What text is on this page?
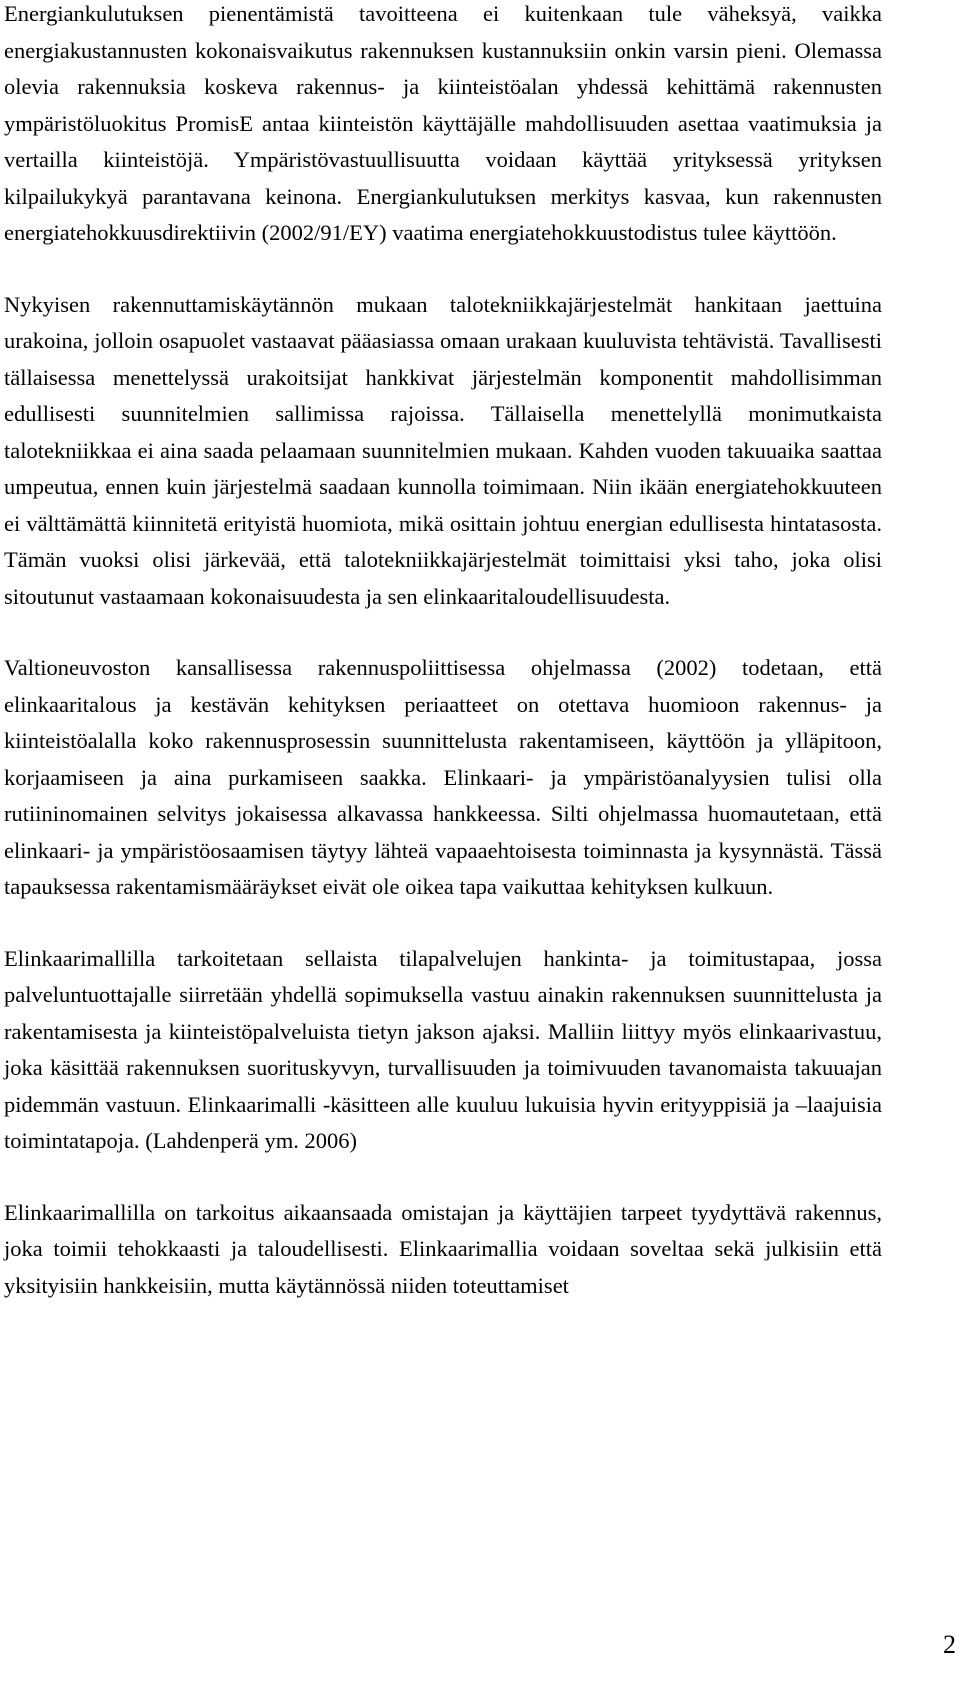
Energiankulutuksen pienentämistä tavoitteena ei kuitenkaan tule väheksyä, vaikka energiakustannusten kokonaisvaikutus rakennuksen kustannuksiin onkin varsin pieni. Olemassa olevia rakennuksia koskeva rakennus- ja kiinteistöalan yhdessä kehittämä rakennusten ympäristöluokitus PromisE antaa kiinteistön käyttäjälle mahdollisuuden asettaa vaatimuksia ja vertailla kiinteistöjä. Ympäristövastuullisuutta voidaan käyttää yrityksessä yrityksen kilpailukykyä parantavana keinona. Energiankulutuksen merkitys kasvaa, kun rakennusten energiatehokkuusdirektiivin (2002/91/EY) vaatima energiatehokkuustodistus tulee käyttöön.

Nykyisen rakennuttamiskäytännön mukaan talotekniikkajärjestelmät hankitaan jaettuina urakoina, jolloin osapuolet vastaavat pääasiassa omaan urakaan kuuluvista tehtävistä. Tavallisesti tällaisessa menettelyssä urakoitsijat hankkivat järjestelmän komponentit mahdollisimman edullisesti suunnitelmien sallimissa rajoissa. Tällaisella menettelyllä monimutkaista talotekniikkaa ei aina saada pelaamaan suunnitelmien mukaan. Kahden vuoden takuuaika saattaa umpeutua, ennen kuin järjestelmä saadaan kunnolla toimimaan. Niin ikään energiatehokkuuteen ei välttämättä kiinnitetä erityistä huomiota, mikä osittain johtuu energian edullisesta hintatasosta. Tämän vuoksi olisi järkevää, että talotekniikkajärjestelmät toimittaisi yksi taho, joka olisi sitoutunut vastaamaan kokonaisuudesta ja sen elinkaaritaloudellisuudesta.

Valtioneuvoston kansallisessa rakennuspoliittisessa ohjelmassa (2002) todetaan, että elinkaaritalous ja kestävän kehityksen periaatteet on otettava huomioon rakennus- ja kiinteistöalalla koko rakennusprosessin suunnittelusta rakentamiseen, käyttöön ja ylläpitoon, korjaamiseen ja aina purkamiseen saakka. Elinkaari- ja ympäristöanalyysien tulisi olla rutiininomainen selvitys jokaisessa alkavassa hankkeessa. Silti ohjelmassa huomautetaan, että elinkaari- ja ympäristöosaamisen täytyy lähteä vapaaehtoisesta toiminnasta ja kysynnästä. Tässä tapauksessa rakentamismääräykset eivät ole oikea tapa vaikuttaa kehityksen kulkuun.

Elinkaarimallilla tarkoitetaan sellaista tilapalvelujen hankinta- ja toimitustapaa, jossa palveluntuottajalle siirretään yhdellä sopimuksella vastuu ainakin rakennuksen suunnittelusta ja rakentamisesta ja kiinteistöpalveluista tietyn jakson ajaksi. Malliin liittyy myös elinkaarivastuu, joka käsittää rakennuksen suorituskyvyn, turvallisuuden ja toimivuuden tavanomaista takuuajan pidemmän vastuun. Elinkaarimalli -käsitteen alle kuuluu lukuisia hyvin erityyppisiä ja –laajuisia toimintatapoja. (Lahdenperä ym. 2006)

Elinkaarimallilla on tarkoitus aikaansaada omistajan ja käyttäjien tarpeet tyydyttävä rakennus, joka toimii tehokkaasti ja taloudellisesti. Elinkaarimallia voidaan soveltaa sekä julkisiin että yksityisiin hankkeisiin, mutta käytännössä niiden toteuttamiset

2
